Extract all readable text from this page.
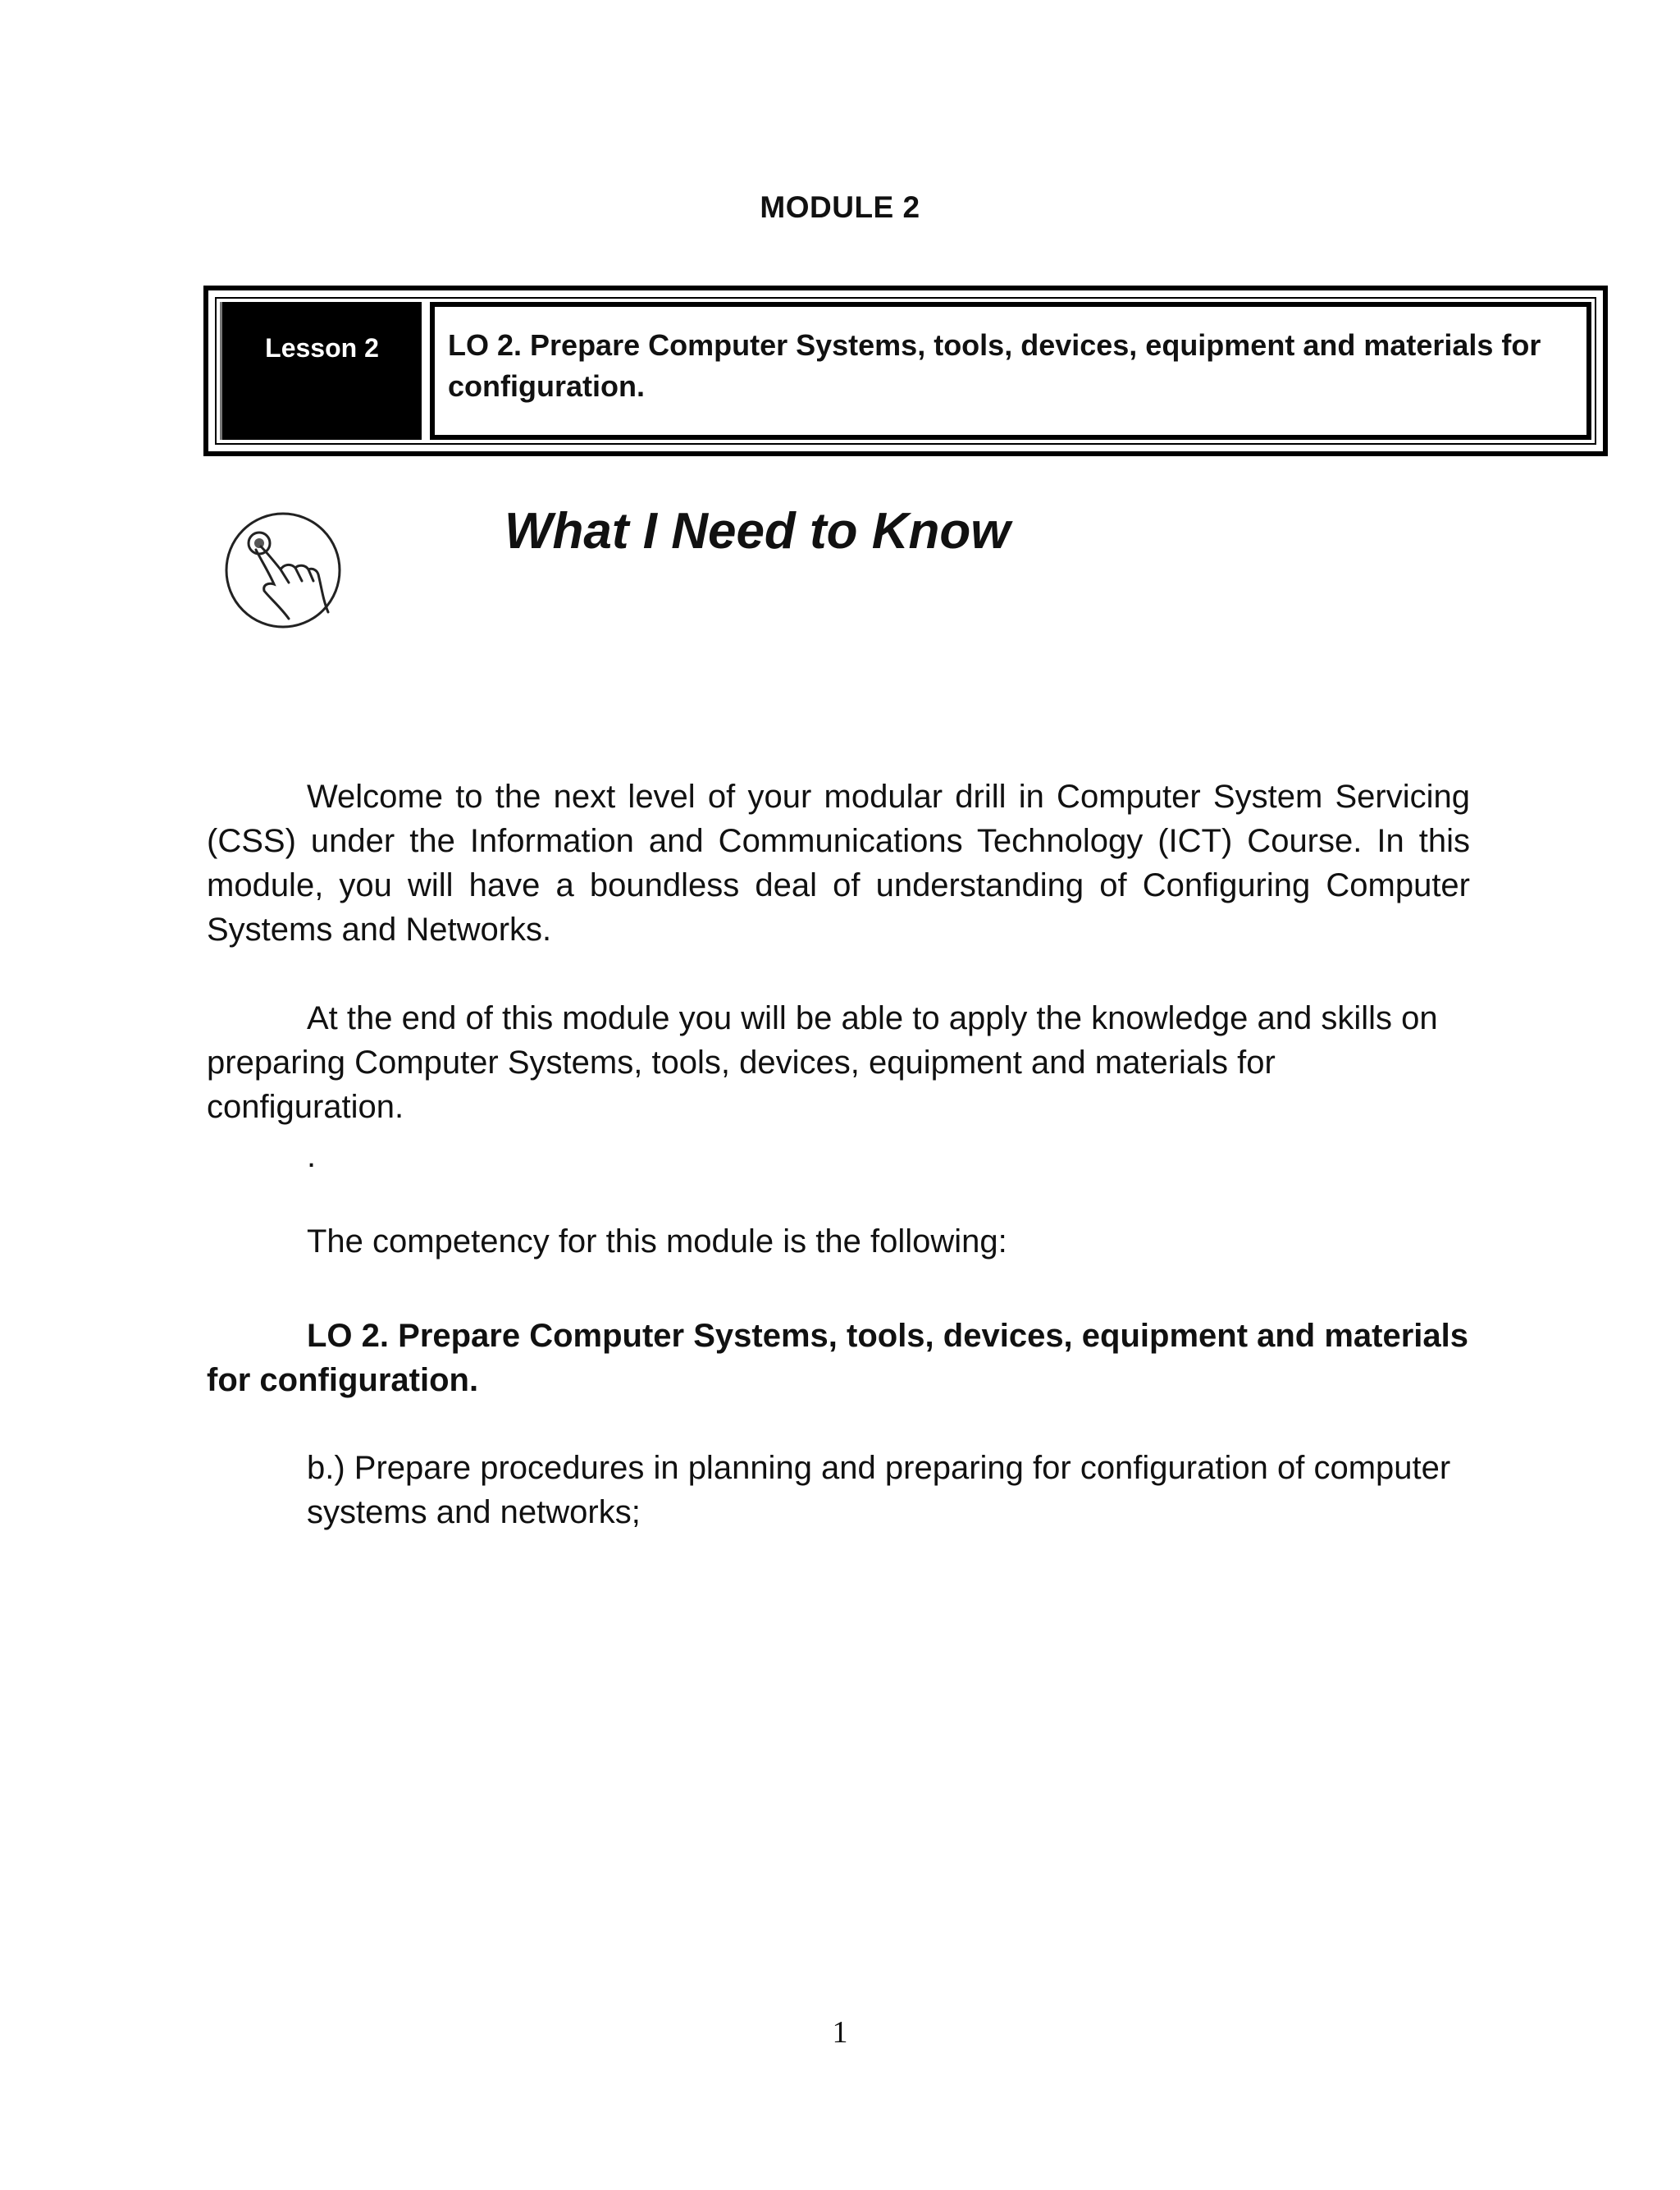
MODULE 2
Lesson 2	LO 2. Prepare Computer Systems, tools, devices, equipment and materials for configuration.

What I Need to Know

Welcome to the next level of your modular drill in Computer System Servicing (CSS) under the Information and Communications Technology (ICT) Course. In this module, you will have a boundless deal of understanding of Configuring Computer Systems and Networks.

At the end of this module you will be able to apply the knowledge and skills on preparing Computer Systems, tools, devices, equipment and materials for configuration.

.

The competency for this module is the following:

LO 2. Prepare Computer Systems, tools, devices, equipment and materials for configuration.

b.) Prepare procedures in planning and preparing for configuration of computer systems and networks;

1
